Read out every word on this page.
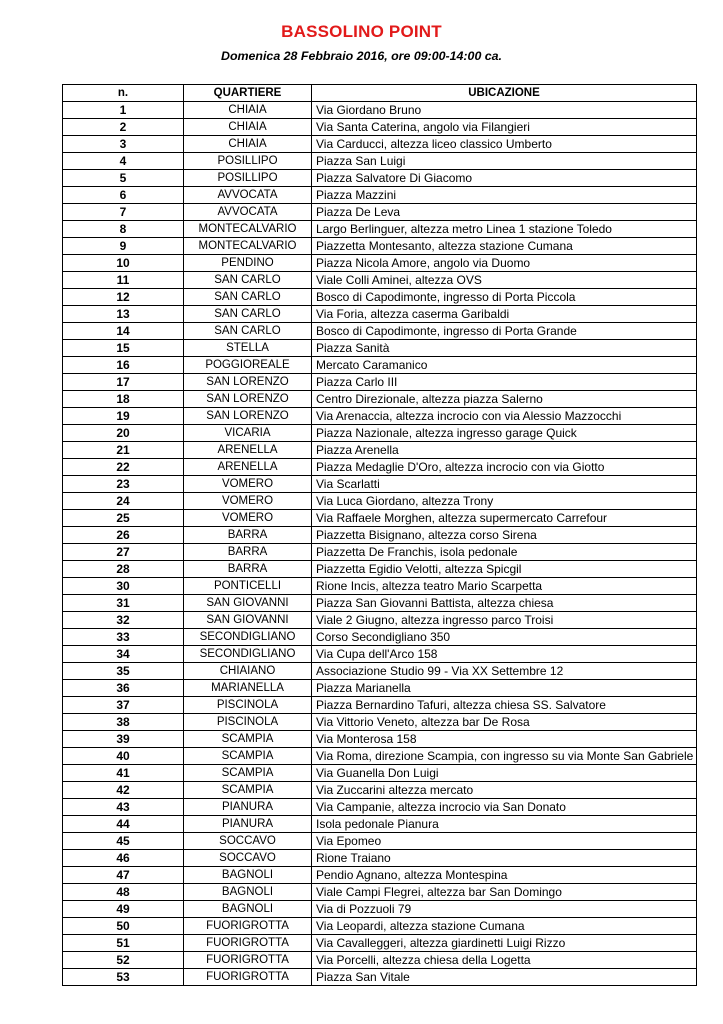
BASSOLINO POINT
Domenica 28 Febbraio 2016, ore 09:00-14:00 ca.
n.	QUARTIERE	UBICAZIONE
1	CHIAIA	Via Giordano Bruno
2	CHIAIA	Via Santa Caterina, angolo via Filangieri
3	CHIAIA	Via Carducci, altezza liceo classico Umberto
4	POSILLIPO	Piazza San Luigi
5	POSILLIPO	Piazza Salvatore Di Giacomo
6	AVVOCATA	Piazza Mazzini
7	AVVOCATA	Piazza De Leva
8	MONTECALVARIO	Largo Berlinguer, altezza metro Linea 1 stazione Toledo
9	MONTECALVARIO	Piazzetta Montesanto, altezza stazione Cumana
10	PENDINO	Piazza Nicola Amore, angolo via Duomo
11	SAN CARLO	Viale Colli Aminei, altezza OVS
12	SAN CARLO	Bosco di Capodimonte, ingresso di Porta Piccola
13	SAN CARLO	Via Foria, altezza caserma Garibaldi
14	SAN CARLO	Bosco di Capodimonte, ingresso di Porta Grande
15	STELLA	Piazza Sanità
16	POGGIOREALE	Mercato Caramanico
17	SAN LORENZO	Piazza Carlo III
18	SAN LORENZO	Centro Direzionale, altezza piazza Salerno
19	SAN LORENZO	Via Arenaccia, altezza incrocio con via Alessio Mazzocchi
20	VICARIA	Piazza Nazionale, altezza ingresso garage Quick
21	ARENELLA	Piazza Arenella
22	ARENELLA	Piazza Medaglie D'Oro, altezza incrocio con via Giotto
23	VOMERO	Via Scarlatti
24	VOMERO	Via Luca Giordano, altezza Trony
25	VOMERO	Via Raffaele Morghen, altezza supermercato Carrefour
26	BARRA	Piazzetta Bisignano, altezza corso Sirena
27	BARRA	Piazzetta De Franchis, isola pedonale
28	BARRA	Piazzetta Egidio Velotti, altezza Spicgil
30	PONTICELLI	Rione Incis, altezza teatro Mario Scarpetta
31	SAN GIOVANNI	Piazza San Giovanni Battista, altezza chiesa
32	SAN GIOVANNI	Viale 2 Giugno, altezza ingresso parco Troisi
33	SECONDIGLIANO	Corso Secondigliano 350
34	SECONDIGLIANO	Via Cupa dell'Arco 158
35	CHIAIANO	Associazione Studio 99 - Via XX Settembre 12
36	MARIANELLA	Piazza Marianella
37	PISCINOLA	Piazza Bernardino Tafuri, altezza chiesa SS. Salvatore
38	PISCINOLA	Via Vittorio Veneto, altezza bar De Rosa
39	SCAMPIA	Via Monterosa 158
40	SCAMPIA	Via Roma, direzione Scampia, con ingresso su via Monte San Gabriele
41	SCAMPIA	Via Guanella Don Luigi
42	SCAMPIA	Via Zuccarini altezza mercato
43	PIANURA	Via Campanie, altezza incrocio via San Donato
44	PIANURA	Isola pedonale Pianura
45	SOCCAVO	Via Epomeo
46	SOCCAVO	Rione Traiano
47	BAGNOLI	Pendio Agnano, altezza Montespina
48	BAGNOLI	Viale Campi Flegrei, altezza bar San Domingo
49	BAGNOLI	Via di Pozzuoli 79
50	FUORIGROTTA	Via Leopardi, altezza stazione Cumana
51	FUORIGROTTA	Via Cavalleggeri, altezza giardinetti Luigi Rizzo
52	FUORIGROTTA	Via Porcelli, altezza chiesa della Logetta
53	FUORIGROTTA	Piazza San Vitale
